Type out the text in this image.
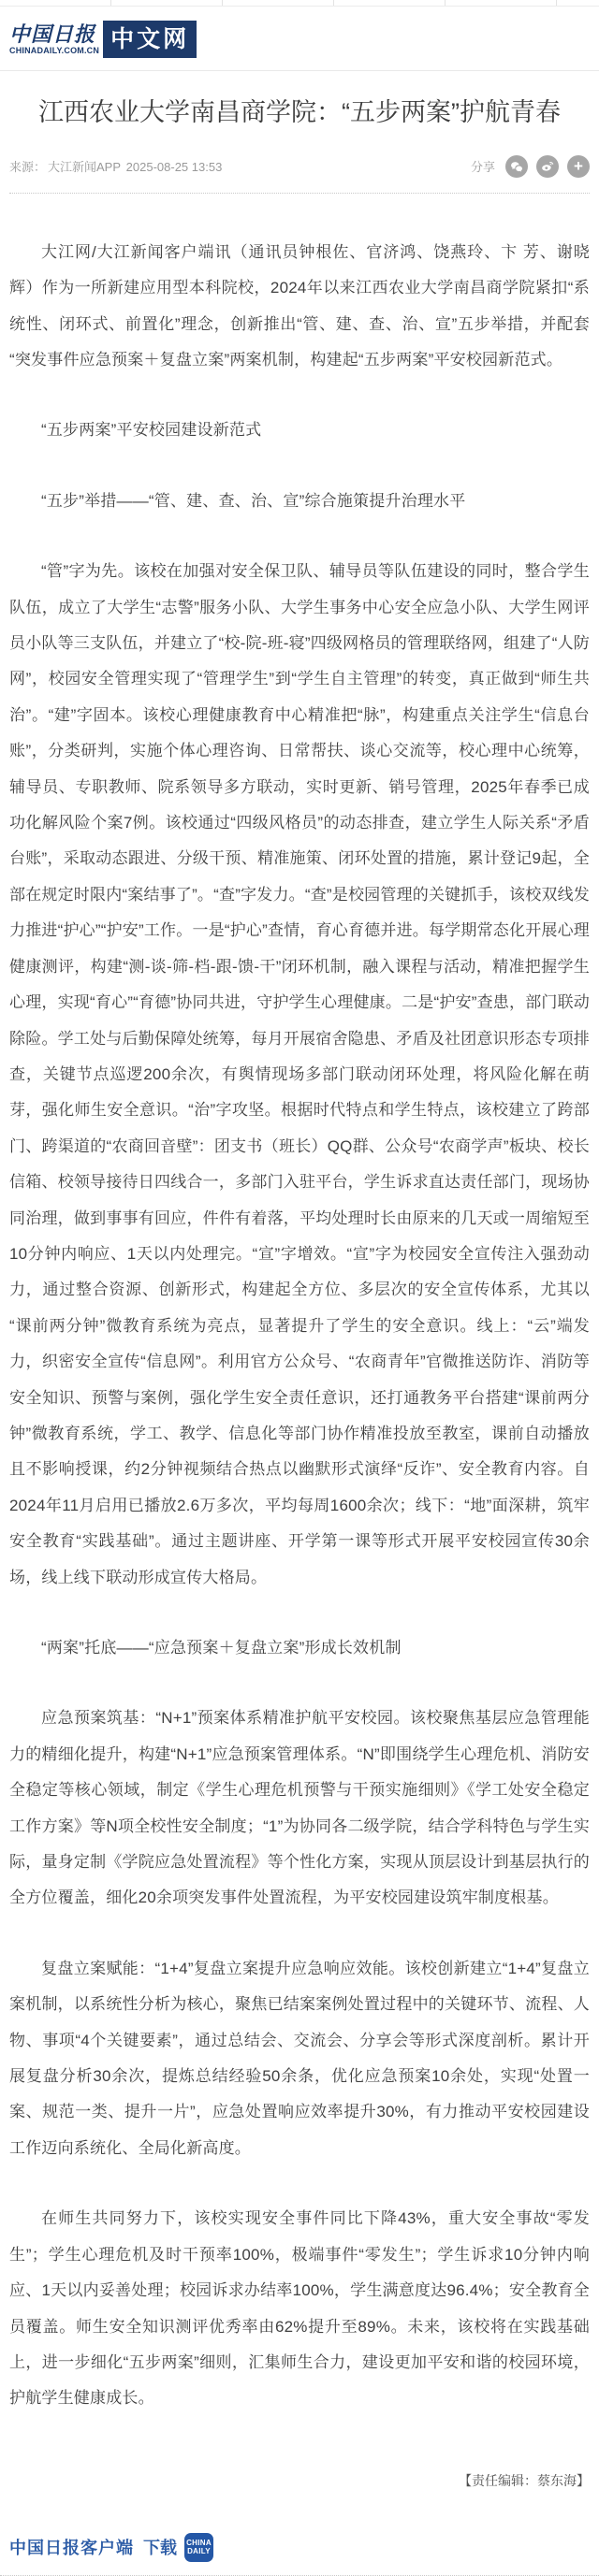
中国日报
CHINADAILY.COM.CN 中文网
江西农业大学南昌商学院：“五步两案”护航青春
来源： 大江新闻APP 2025-08-25 13:53	分享	+

大江网/大江新闻客户端讯（通讯员钟根佐、官济鸿、饶燕玲、卞 芳、谢晓辉）作为一所新建应用型本科院校，2024年以来江西农业大学南昌商学院紧扣“系统性、闭环式、前置化”理念，创新推出“管、建、查、治、宣”五步举措，并配套“突发事件应急预案＋复盘立案”两案机制，构建起“五步两案”平安校园新范式。

“五步两案”平安校园建设新范式

“五步”举措——“管、建、查、治、宣”综合施策提升治理水平

“管”字为先。该校在加强对安全保卫队、辅导员等队伍建设的同时，整合学生队伍，成立了大学生“志警”服务小队、大学生事务中心安全应急小队、大学生网评员小队等三支队伍，并建立了“校-院-班-寝”四级网格员的管理联络网，组建了“人防网”，校园安全管理实现了“管理学生”到“学生自主管理”的转变，真正做到“师生共治”。“建”字固本。该校心理健康教育中心精准把“脉”，构建重点关注学生“信息台账”，分类研判，实施个体心理咨询、日常帮扶、谈心交流等，校心理中心统筹，辅导员、专职教师、院系领导多方联动，实时更新、销号管理，2025年春季已成功化解风险个案7例。该校通过“四级风格员”的动态排查，建立学生人际关系“矛盾台账”，采取动态跟进、分级干预、精准施策、闭环处置的措施，累计登记9起，全部在规定时限内“案结事了”。“查”字发力。“查”是校园管理的关键抓手，该校双线发力推进“护心”“护安”工作。一是“护心”查情，育心育德并进。每学期常态化开展心理健康测评，构建“测-谈-筛-档-跟-馈-干”闭环机制，融入课程与活动，精准把握学生心理，实现“育心”“育德”协同共进，守护学生心理健康。二是“护安”查患，部门联动除险。学工处与后勤保障处统筹，每月开展宿舍隐患、矛盾及社团意识形态专项排查，关键节点巡逻200余次，有舆情现场多部门联动闭环处理，将风险化解在萌芽，强化师生安全意识。“治”字攻坚。根据时代特点和学生特点，该校建立了跨部门、跨渠道的“农商回音壁”：团支书（班长）QQ群、公众号“农商学声”板块、校长信箱、校领导接待日四线合一，多部门入驻平台，学生诉求直达责任部门，现场协同治理，做到事事有回应，件件有着落，平均处理时长由原来的几天或一周缩短至10分钟内响应、1天以内处理完。“宣”字增效。“宣”字为校园安全宣传注入强劲动力，通过整合资源、创新形式，构建起全方位、多层次的安全宣传体系，尤其以“课前两分钟”微教育系统为亮点，显著提升了学生的安全意识。线上：“云”端发力，织密安全宣传“信息网”。利用官方公众号、“农商青年”官微推送防诈、消防等安全知识、预警与案例，强化学生安全责任意识，还打通教务平台搭建“课前两分钟”微教育系统，学工、教学、信息化等部门协作精准投放至教室，课前自动播放且不影响授课，约2分钟视频结合热点以幽默形式演绎“反诈”、安全教育内容。自2024年11月启用已播放2.6万多次，平均每周1600余次；线下：“地”面深耕，筑牢安全教育“实践基础”。通过主题讲座、开学第一课等形式开展平安校园宣传30余场，线上线下联动形成宣传大格局。

“两案”托底——“应急预案＋复盘立案”形成长效机制

应急预案筑基：“N+1”预案体系精准护航平安校园。该校聚焦基层应急管理能力的精细化提升，构建“N+1”应急预案管理体系。“N”即围绕学生心理危机、消防安全稳定等核心领域，制定《学生心理危机预警与干预实施细则》《学工处安全稳定工作方案》等N项全校性安全制度；“1”为协同各二级学院，结合学科特色与学生实际，量身定制《学院应急处置流程》等个性化方案，实现从顶层设计到基层执行的全方位覆盖，细化20余项突发事件处置流程，为平安校园建设筑牢制度根基。

复盘立案赋能：“1+4”复盘立案提升应急响应效能。该校创新建立“1+4”复盘立案机制，以系统性分析为核心，聚焦已结案案例处置过程中的关键环节、流程、人物、事项“4个关键要素”，通过总结会、交流会、分享会等形式深度剖析。累计开展复盘分析30余次，提炼总结经验50余条，优化应急预案10余处，实现“处置一案、规范一类、提升一片”，应急处置响应效率提升30%，有力推动平安校园建设工作迈向系统化、全局化新高度。

在师生共同努力下，该校实现安全事件同比下降43%，重大安全事故“零发生”；学生心理危机及时干预率100%，极端事件“零发生”；学生诉求10分钟内响应、1天以内妥善处理；校园诉求办结率100%，学生满意度达96.4%；安全教育全员覆盖。师生安全知识测评优秀率由62%提升至89%。未来，该校将在实践基础上，进一步细化“五步两案”细则，汇集师生合力，建设更加平安和谐的校园环境，护航学生健康成长。

【责任编辑：蔡东海】
中国日报客户端 下载 CHINA
DAILY
